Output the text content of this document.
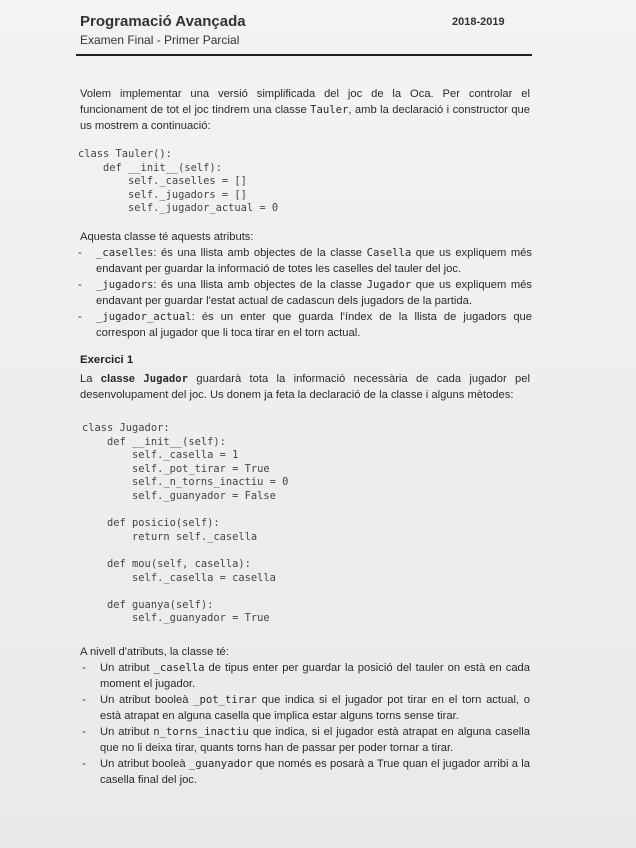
Programació Avançada	2018-2019
Examen Final - Primer Parcial

Volem implementar una versió simplificada del joc de la Oca. Per controlar el funcionament de tot el joc tindrem una classe Tauler, amb la declaració i constructor que us mostrem a continuació:

class Tauler():
def __init__(self):
self._caselles = []
self._jugadors = []
self._jugador_actual = 0
Aquesta classe té aquests atributs:
-	_caselles: és una llista amb objectes de la classe Casella que us expliquem més endavant per guardar la informació de totes les caselles del tauler del joc.
-	_jugadors: és una llista amb objectes de la classe Jugador que us expliquem més endavant per guardar l'estat actual de cadascun dels jugadors de la partida.
-	_jugador_actual: és un enter que guarda l'índex de la llista de jugadors que correspon al jugador que li toca tirar en el torn actual.
Exercici 1

La classe Jugador guardarà tota la informació necessària de cada jugador pel desenvolupament del joc. Us donem ja feta la declaració de la classe i alguns mètodes:

class Jugador:
def __init__(self):
self._casella = 1
self._pot_tirar = True
self._n_torns_inactiu = 0
self._guanyador = False

def posicio(self):
return self._casella

def mou(self, casella):
self._casella = casella

def guanya(self):
self._guanyador = True
A nivell d'atributs, la classe té:
-	Un atribut _casella de tipus enter per guardar la posició del tauler on està en cada moment el jugador.
-	Un atribut booleà _pot_tirar que indica si el jugador pot tirar en el torn actual, o està atrapat en alguna casella que implica estar alguns torns sense tirar.
-	Un atribut n_torns_inactiu que indica, si el jugador està atrapat en alguna casella que no li deixa tirar, quants torns han de passar per poder tornar a tirar.
-	Un atribut booleà _guanyador que només es posarà a True quan el jugador arribi a la casella final del joc.
